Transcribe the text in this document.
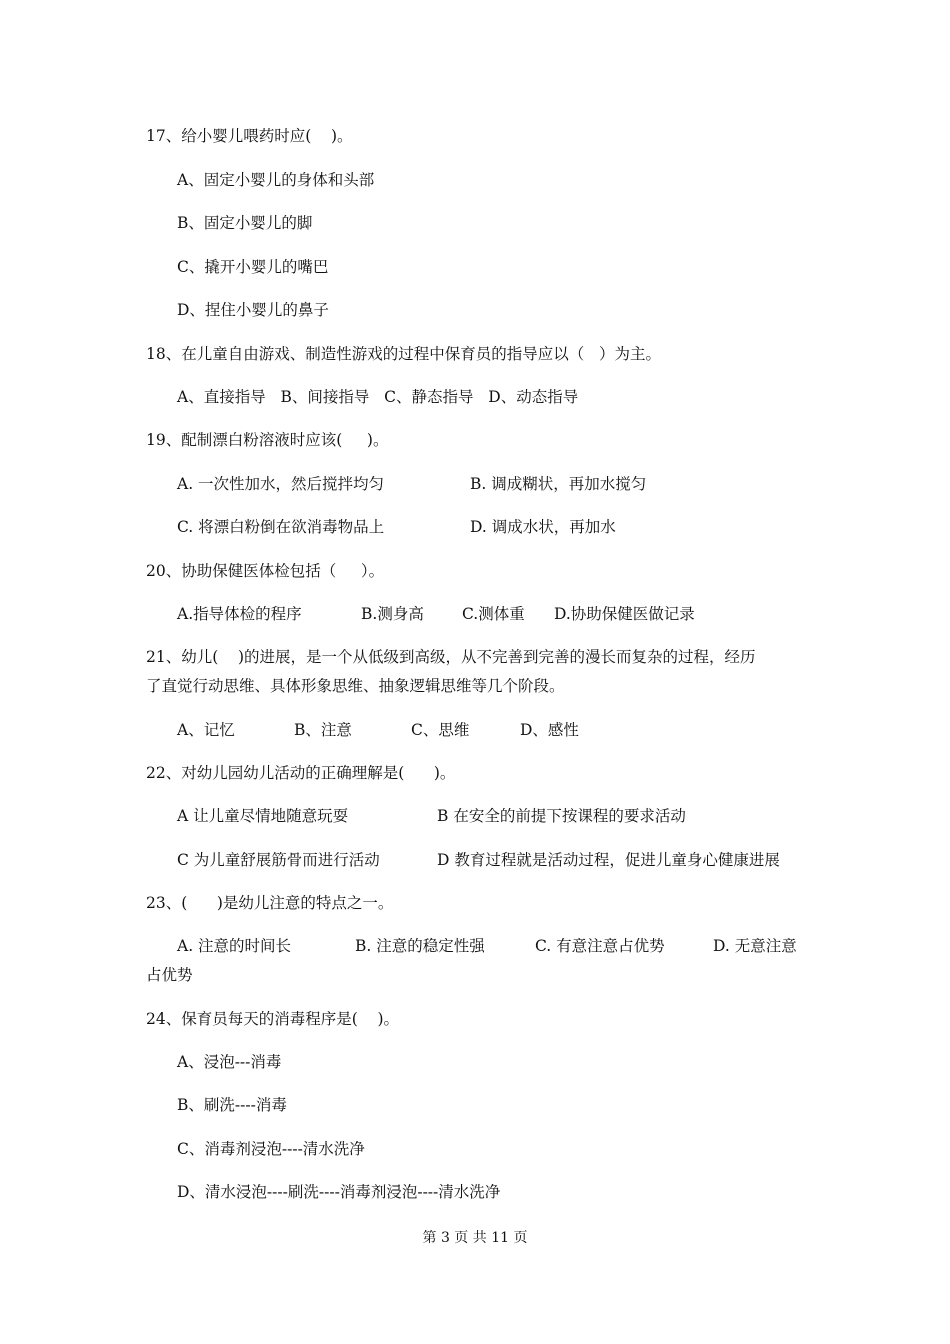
17、给小婴儿喂药时应(    )。
A、固定小婴儿的身体和头部
B、固定小婴儿的脚
C、撬开小婴儿的嘴巴
D、捏住小婴儿的鼻子
18、在儿童自由游戏、制造性游戏的过程中保育员的指导应以（   ）为主。
A、直接指导   B、间接指导   C、静态指导   D、动态指导
19、配制漂白粉溶液时应该(     )。
A. 一次性加水，然后搅拌均匀	B. 调成糊状，再加水搅匀
C. 将漂白粉倒在欲消毒物品上	D. 调成水状，再加水
20、协助保健医体检包括（     ）。
A.指导体检的程序	B.测身高 C.测体重 D.协助保健医做记录
21、幼儿(    )的进展，是一个从低级到高级，从不完善到完善的漫长而复杂的过程，经历
了直觉行动思维、具体形象思维、抽象逻辑思维等几个阶段。
A、记忆	B、注意	C、思维	D、感性
22、对幼儿园幼儿活动的正确理解是(      )。
A 让儿童尽情地随意玩耍	B 在安全的前提下按课程的要求活动
C 为儿童舒展筋骨而进行活动	D 教育过程就是活动过程，促进儿童身心健康进展
23、(      )是幼儿注意的特点之一。
A. 注意的时间长	B. 注意的稳定性强	C. 有意注意占优势	D. 无意注意
占优势
24、保育员每天的消毒程序是(    )。
A、浸泡---消毒
B、刷洗----消毒
C、消毒剂浸泡----清水洗净
D、清水浸泡----刷洗----消毒剂浸泡----清水洗净
第 3 页 共 11 页
